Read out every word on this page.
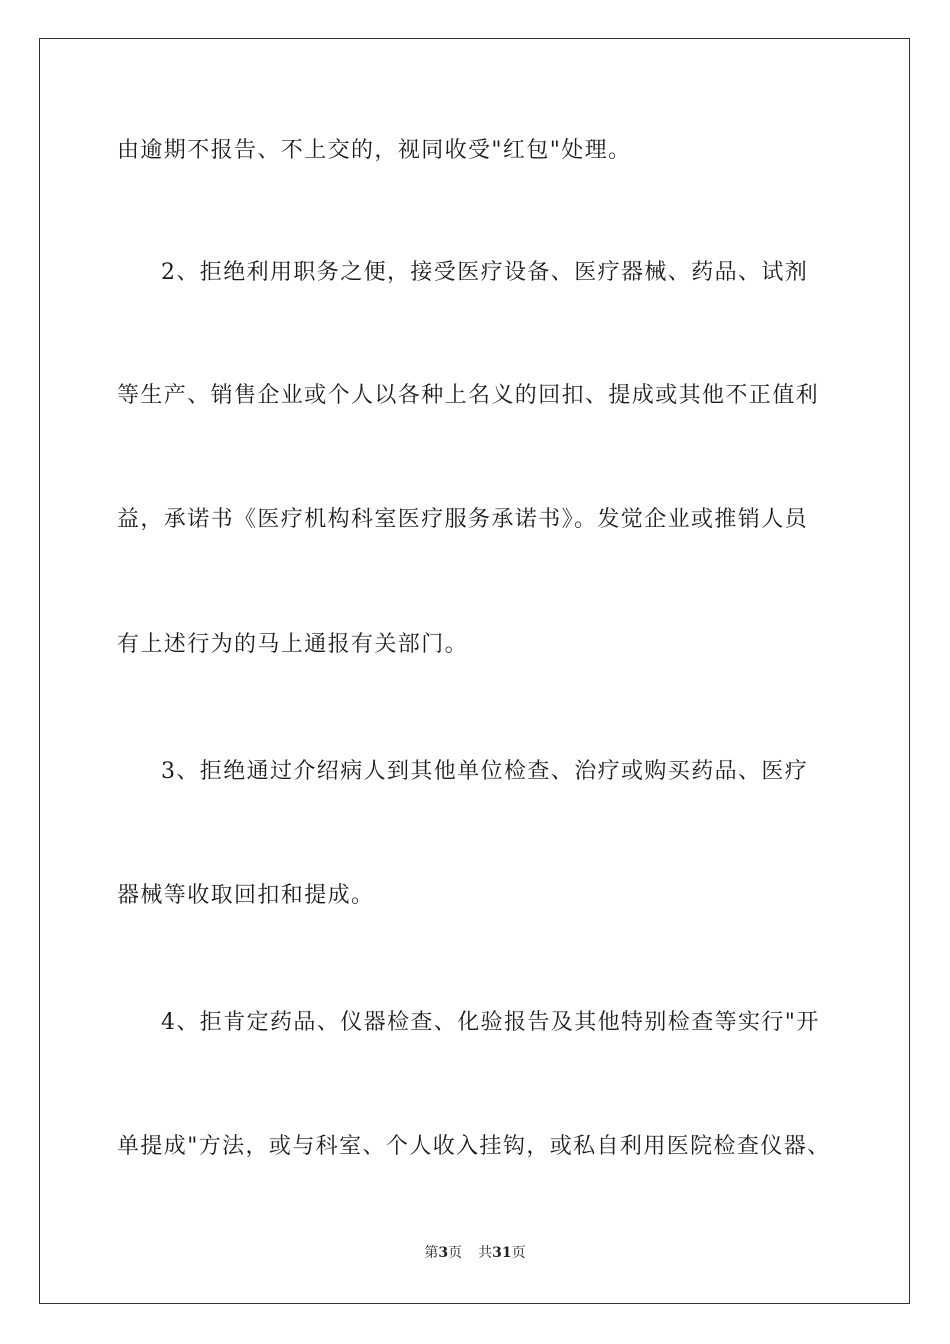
由逾期不报告、不上交的，视同收受"红包"处理。
2、拒绝利用职务之便，接受医疗设备、医疗器械、药品、试剂
等生产、销售企业或个人以各种上名义的回扣、提成或其他不正值利
益，承诺书《医疗机构科室医疗服务承诺书》。发觉企业或推销人员
有上述行为的马上通报有关部门。
3、拒绝通过介绍病人到其他单位检查、治疗或购买药品、医疗
器械等收取回扣和提成。
4、拒肯定药品、仪器检查、化验报告及其他特别检查等实行"开
单提成"方法，或与科室、个人收入挂钩，或私自利用医院检查仪器、
第3页 共31页
